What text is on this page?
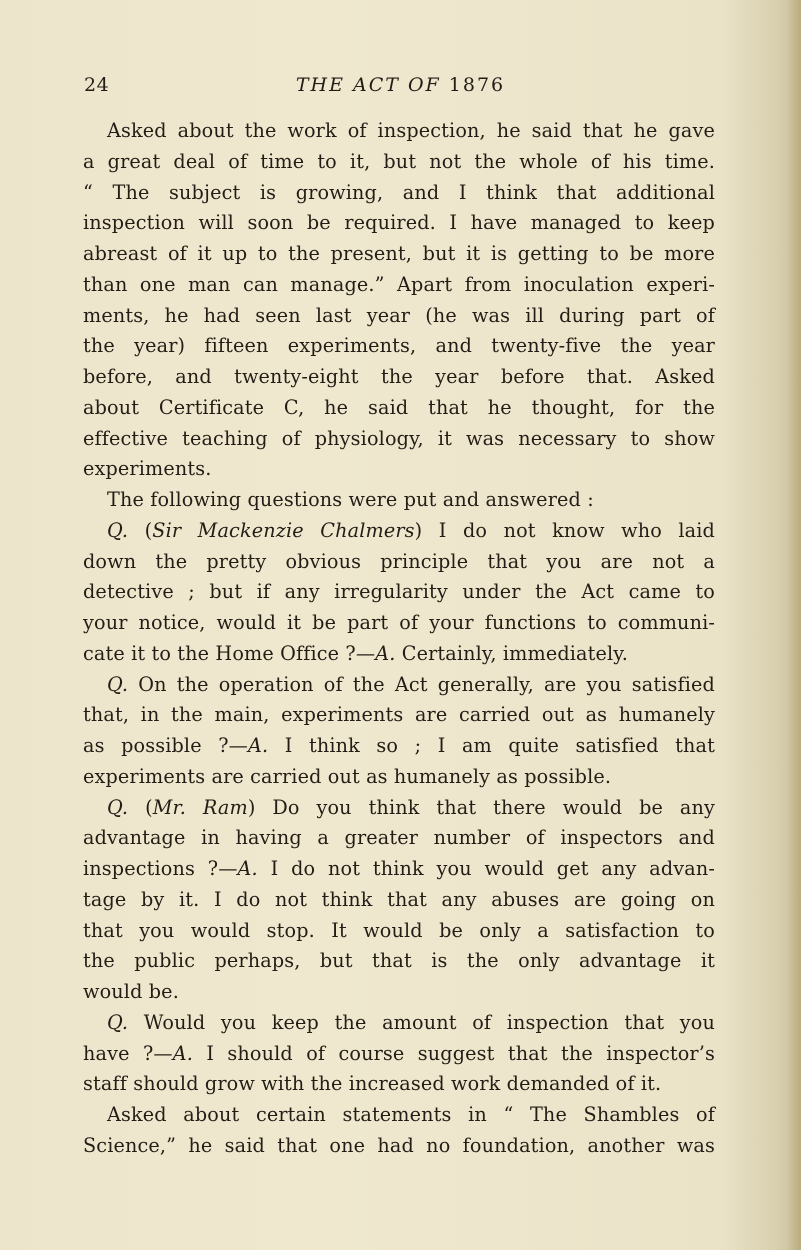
24	THE ACT OF 1876
Asked about the work of inspection, he said that he gave
a great deal of time to it, but not the whole of his time.
“ The subject is growing, and I think that additional
inspection will soon be required. I have managed to keep
abreast of it up to the present, but it is getting to be more
than one man can manage.” Apart from inoculation experi-
ments, he had seen last year (he was ill during part of
the year) fifteen experiments, and twenty-five the year
before, and twenty-eight the year before that. Asked
about Certificate C, he said that he thought, for the
effective teaching of physiology, it was necessary to show
experiments.
The following questions were put and answered :
Q. (Sir Mackenzie Chalmers) I do not know who laid
down the pretty obvious principle that you are not a
detective ; but if any irregularity under the Act came to
your notice, would it be part of your functions to communi-
cate it to the Home Office ?—A. Certainly, immediately.
Q. On the operation of the Act generally, are you satisfied
that, in the main, experiments are carried out as humanely
as possible ?—A. I think so ; I am quite satisfied that
experiments are carried out as humanely as possible.
Q. (Mr. Ram) Do you think that there would be any
advantage in having a greater number of inspectors and
inspections ?—A. I do not think you would get any advan-
tage by it. I do not think that any abuses are going on
that you would stop. It would be only a satisfaction to
the public perhaps, but that is the only advantage it
would be.
Q. Would you keep the amount of inspection that you
have ?—A. I should of course suggest that the inspector’s
staff should grow with the increased work demanded of it.
Asked about certain statements in “ The Shambles of
Science,” he said that one had no foundation, another was
